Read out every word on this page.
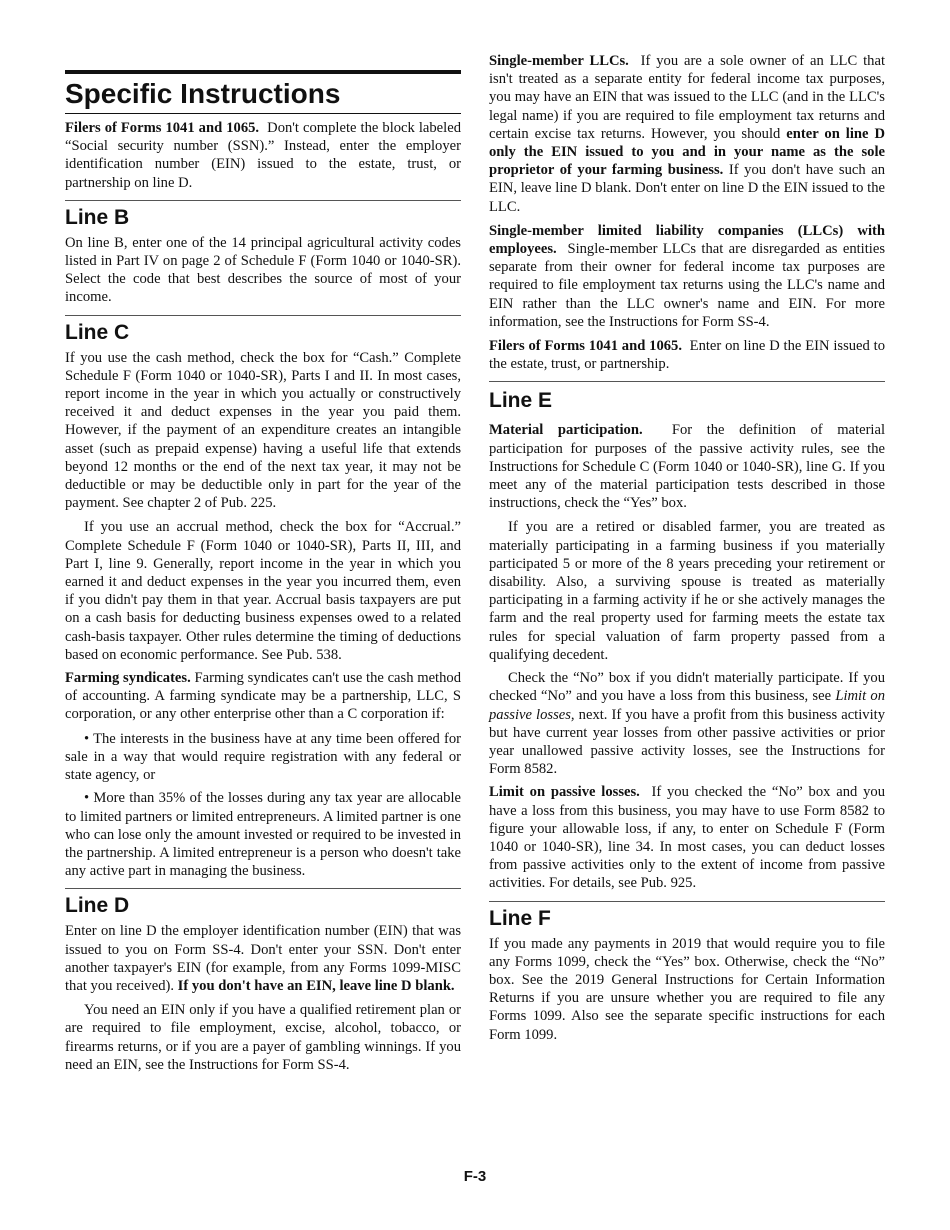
Specific Instructions

Filers of Forms 1041 and 1065. Don't complete the block labeled “Social security number (SSN).” Instead, enter the employer identification number (EIN) issued to the estate, trust, or partnership on line D.

Line B

On line B, enter one of the 14 principal agricultural activity codes listed in Part IV on page 2 of Schedule F (Form 1040 or 1040-SR). Select the code that best describes the source of most of your income.

Line C

If you use the cash method, check the box for “Cash.” Complete Schedule F (Form 1040 or 1040-SR), Parts I and II. In most cases, report income in the year in which you actually or constructively received it and deduct expenses in the year you paid them. However, if the payment of an expenditure creates an intangible asset (such as prepaid expense) having a useful life that extends beyond 12 months or the end of the next tax year, it may not be deductible or may be deductible only in part for the year of the payment. See chapter 2 of Pub. 225.

If you use an accrual method, check the box for “Accrual.” Complete Schedule F (Form 1040 or 1040-SR), Parts II, III, and Part I, line 9. Generally, report income in the year in which you earned it and deduct expenses in the year you incurred them, even if you didn't pay them in that year. Accrual basis taxpayers are put on a cash basis for deducting business expenses owed to a related cash-basis taxpayer. Other rules determine the timing of deductions based on economic performance. See Pub. 538.

Farming syndicates. Farming syndicates can't use the cash method of accounting. A farming syndicate may be a partnership, LLC, S corporation, or any other enterprise other than a C corporation if:

• The interests in the business have at any time been offered for sale in a way that would require registration with any federal or state agency, or

• More than 35% of the losses during any tax year are allocable to limited partners or limited entrepreneurs. A limited partner is one who can lose only the amount invested or required to be invested in the partnership. A limited entrepreneur is a person who doesn't take any active part in managing the business.

Line D

Enter on line D the employer identification number (EIN) that was issued to you on Form SS-4. Don't enter your SSN. Don't enter another taxpayer's EIN (for example, from any Forms 1099-MISC that you received). If you don't have an EIN, leave line D blank.

You need an EIN only if you have a qualified retirement plan or are required to file employment, excise, alcohol, tobacco, or firearms returns, or if you are a payer of gambling winnings. If you need an EIN, see the Instructions for Form SS-4.

Single-member LLCs. If you are a sole owner of an LLC that isn't treated as a separate entity for federal income tax purposes, you may have an EIN that was issued to the LLC (and in the LLC's legal name) if you are required to file employment tax returns and certain excise tax returns. However, you should enter on line D only the EIN issued to you and in your name as the sole proprietor of your farming business. If you don't have such an EIN, leave line D blank. Don't enter on line D the EIN issued to the LLC.

Single-member limited liability companies (LLCs) with employees. Single-member LLCs that are disregarded as entities separate from their owner for federal income tax purposes are required to file employment tax returns using the LLC's name and EIN rather than the LLC owner's name and EIN. For more information, see the Instructions for Form SS-4.

Filers of Forms 1041 and 1065. Enter on line D the EIN issued to the estate, trust, or partnership.

Line E

Material participation. For the definition of material participation for purposes of the passive activity rules, see the Instructions for Schedule C (Form 1040 or 1040-SR), line G. If you meet any of the material participation tests described in those instructions, check the “Yes” box.

If you are a retired or disabled farmer, you are treated as materially participating in a farming business if you materially participated 5 or more of the 8 years preceding your retirement or disability. Also, a surviving spouse is treated as materially participating in a farming activity if he or she actively manages the farm and the real property used for farming meets the estate tax rules for special valuation of farm property passed from a qualifying decedent.

Check the “No” box if you didn't materially participate. If you checked “No” and you have a loss from this business, see Limit on passive losses, next. If you have a profit from this business activity but have current year losses from other passive activities or prior year unallowed passive activity losses, see the Instructions for Form 8582.

Limit on passive losses. If you checked the “No” box and you have a loss from this business, you may have to use Form 8582 to figure your allowable loss, if any, to enter on Schedule F (Form 1040 or 1040-SR), line 34. In most cases, you can deduct losses from passive activities only to the extent of income from passive activities. For details, see Pub. 925.

Line F

If you made any payments in 2019 that would require you to file any Forms 1099, check the “Yes” box. Otherwise, check the “No” box. See the 2019 General Instructions for Certain Information Returns if you are unsure whether you are required to file any Forms 1099. Also see the separate specific instructions for each Form 1099.

F-3
